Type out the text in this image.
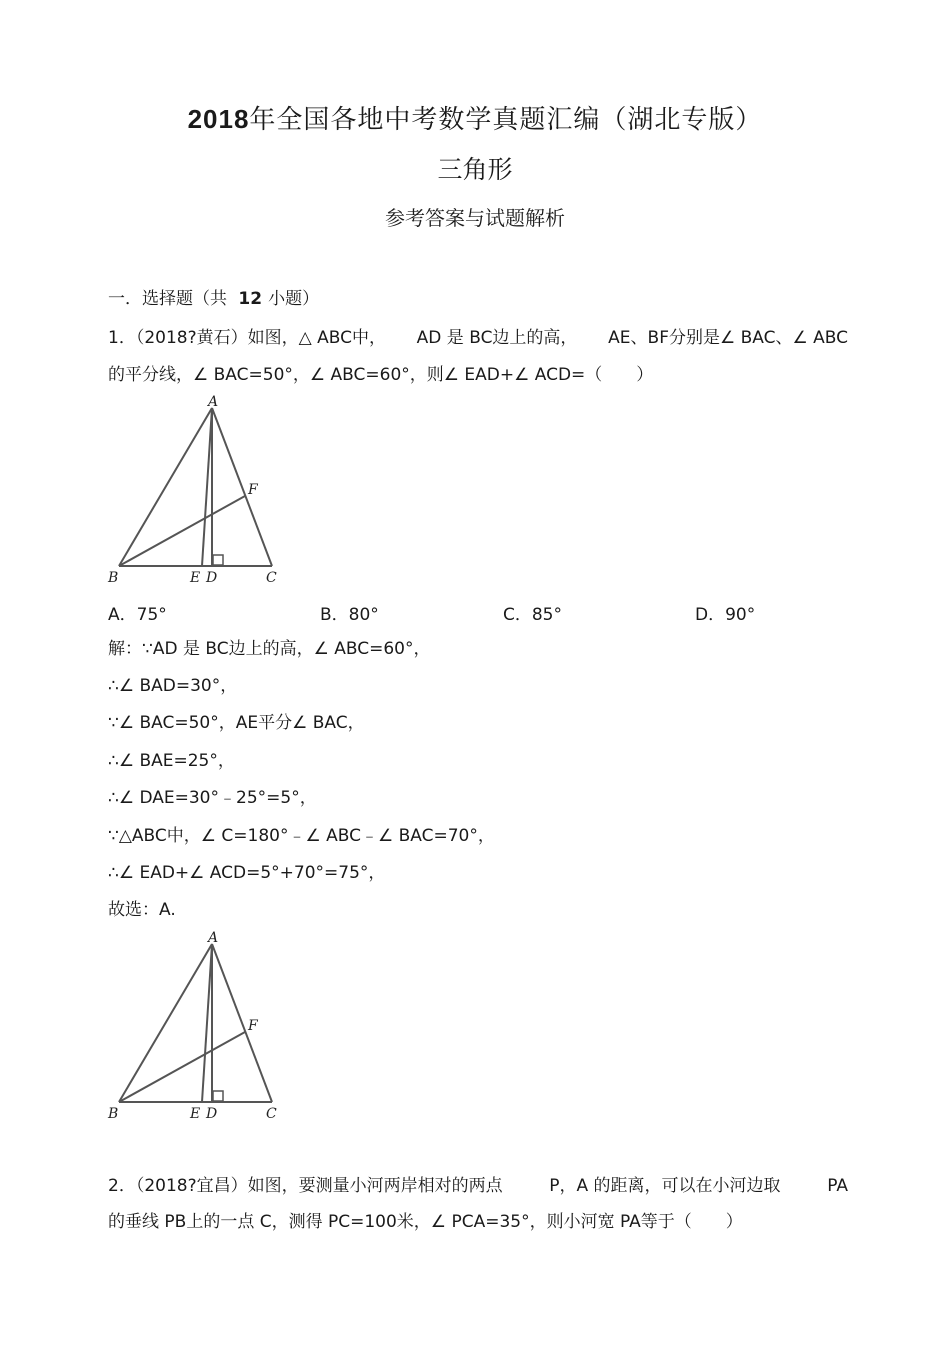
2018年全国各地中考数学真题汇编（湖北专版）
三角形
参考答案与试题解析
一．选择题（共 12 小题）
1．（2018?黄石）如图，△ ABC中， AD 是 BC边上的高， AE、BF分别是∠ BAC、∠ ABC
的平分线，∠ BAC=50°，∠ ABC=60°，则∠ EAD+∠ ACD=（　　）
A
F
B	E D	C
A．75°	B．80°	C．85°	D．90°
解：∵AD 是 BC边上的高，∠ ABC=60°，
∴∠ BAD=30°，
∵∠ BAC=50°，AE平分∠ BAC，
∴∠ BAE=25°，
∴∠ DAE=30°﹣25°=5°，
∵△ABC中，∠ C=180°﹣∠ ABC﹣∠ BAC=70°，
∴∠ EAD+∠ ACD=5°+70°=75°，
故选：A.
A
F
B	E D	C
2．（2018?宜昌）如图，要测量小河两岸相对的两点	P，A 的距离，可以在小河边取	PA
的垂线 PB上的一点 C，测得 PC=100米，∠ PCA=35°，则小河宽 PA等于（　　）
